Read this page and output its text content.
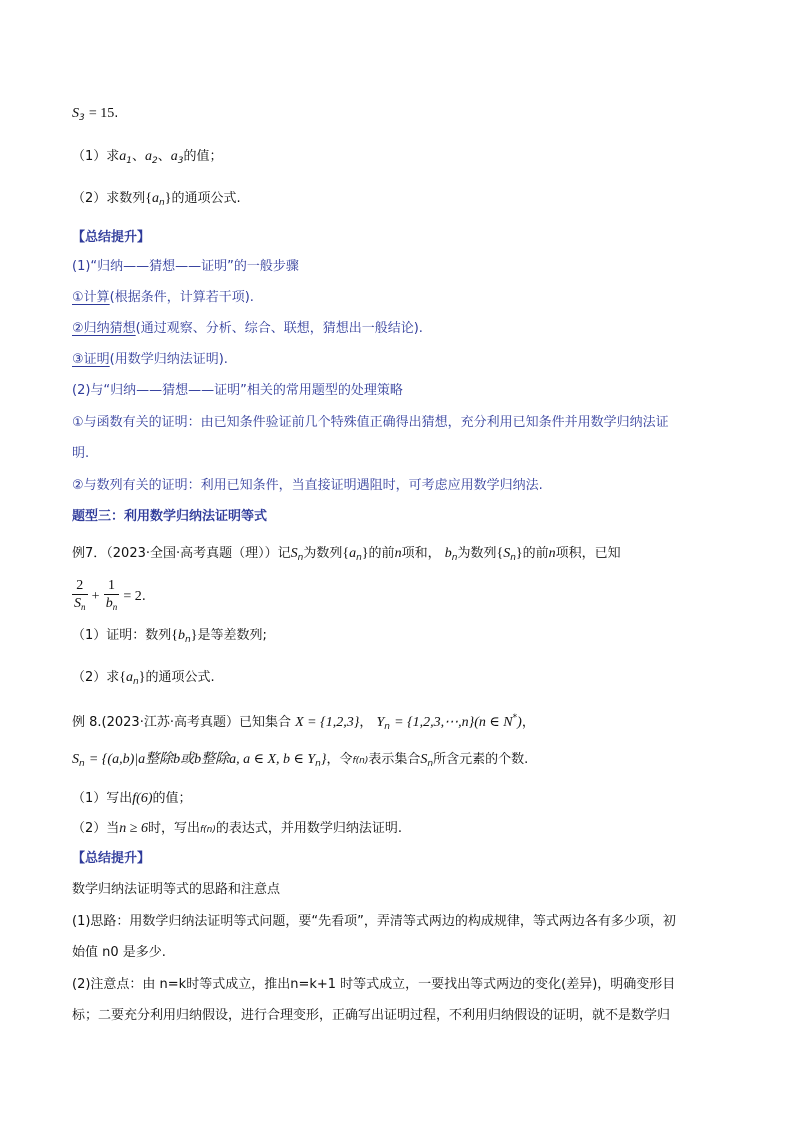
$S_3 = 15$.
（1）求$a_1$、$a_2$、$a_3$的值；
（2）求数列$\{a_n\}$的通项公式.
【总结提升】
(1)“归纳——猜想——证明”的一般步骤
①计算(根据条件，计算若干项).
②归纳猜想(通过观察、分析、综合、联想，猜想出一般结论).
③证明(用数学归纳法证明).
(2)与“归纳——猜想——证明”相关的常用题型的处理策略
①与函数有关的证明：由已知条件验证前几个特殊值正确得出猜想，充分利用已知条件并用数学归纳法证
明.
②与数列有关的证明：利用已知条件，当直接证明遇阻时，可考虑应用数学归纳法.
题型三：利用数学归纳法证明等式
例7．（2023·全国·高考真题（理））记$S_n$为数列$\{a_n\}$的前n项和， $b_n$为数列$\{S_n\}$的前n项积，已知
$\frac{2}{S_n} + \frac{1}{b_n} = 2$.
（1）证明：数列$\{b_n\}$是等差数列;
（2）求$\{a_n\}$的通项公式.
例 8.(2023·江苏·高考真题）已知集合 X = {1,2,3}， $Y_n$ = {1,2,3,⋯,n}(n ∈ N*)，
$S_n = \{(a,b)|a$整除b或b整除a, a ∈ X, b ∈ $Y_n$}，令f(n)表示集合$S_n$所含元素的个数.
（1）写出f(6)的值；
（2）当n ≥ 6时，写出f(n)的表达式，并用数学归纳法证明.
【总结提升】
数学归纳法证明等式的思路和注意点
(1)思路：用数学归纳法证明等式问题，要“先看项”，弄清等式两边的构成规律，等式两边各有多少项，初
始值 n0 是多少.
(2)注意点：由 n=k时等式成立，推出n=k+1 时等式成立，一要找出等式两边的变化(差异)，明确变形目
标；二要充分利用归纳假设，进行合理变形，正确写出证明过程，不利用归纳假设的证明，就不是数学归
